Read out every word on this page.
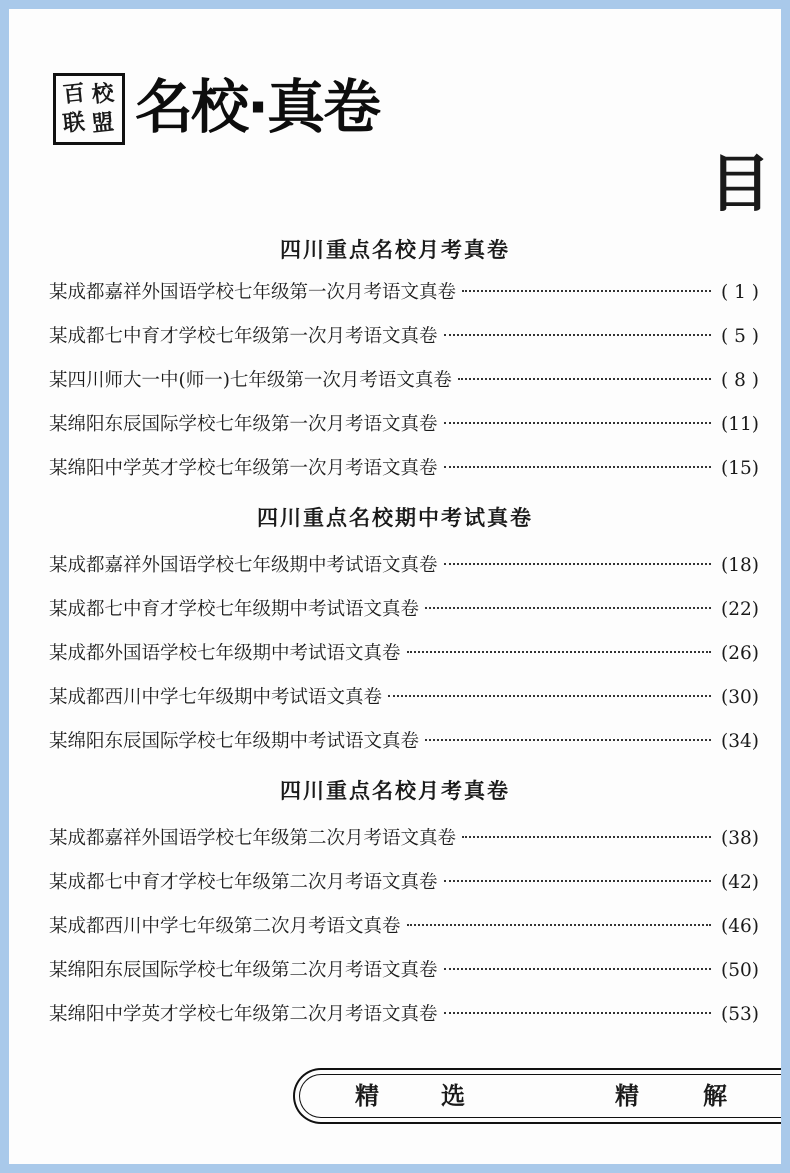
百 校
联 盟 名校·真卷
目
四川重点名校月考真卷
某成都嘉祥外国语学校七年级第一次月考语文真卷	( 1 )
某成都七中育才学校七年级第一次月考语文真卷	( 5 )
某四川师大一中(师一)七年级第一次月考语文真卷	( 8 )
某绵阳东辰国际学校七年级第一次月考语文真卷	(11)
某绵阳中学英才学校七年级第一次月考语文真卷	(15)
四川重点名校期中考试真卷
某成都嘉祥外国语学校七年级期中考试语文真卷	(18)
某成都七中育才学校七年级期中考试语文真卷	(22)
某成都外国语学校七年级期中考试语文真卷	(26)
某成都西川中学七年级期中考试语文真卷	(30)
某绵阳东辰国际学校七年级期中考试语文真卷	(34)
四川重点名校月考真卷
某成都嘉祥外国语学校七年级第二次月考语文真卷	(38)
某成都七中育才学校七年级第二次月考语文真卷	(42)
某成都西川中学七年级第二次月考语文真卷	(46)
某绵阳东辰国际学校七年级第二次月考语文真卷	(50)
某绵阳中学英才学校七年级第二次月考语文真卷	(53)
精	选	精	解
